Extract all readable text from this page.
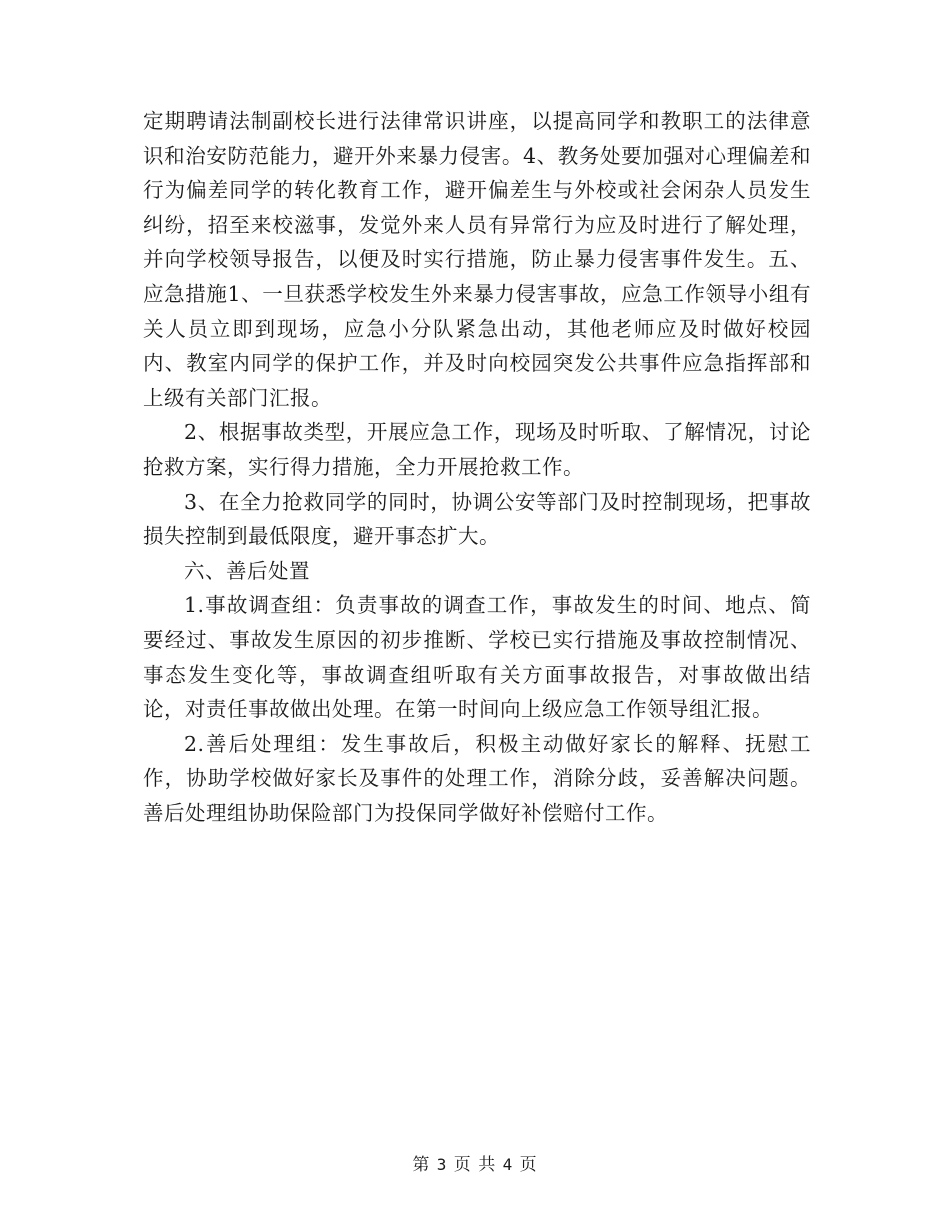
定期聘请法制副校长进行法律常识讲座，以提高同学和教职工的法律意识和治安防范能力，避开外来暴力侵害。4、教务处要加强对心理偏差和行为偏差同学的转化教育工作，避开偏差生与外校或社会闲杂人员发生纠纷，招至来校滋事，发觉外来人员有异常行为应及时进行了解处理，并向学校领导报告，以便及时实行措施，防止暴力侵害事件发生。五、应急措施1、一旦获悉学校发生外来暴力侵害事故，应急工作领导小组有关人员立即到现场，应急小分队紧急出动，其他老师应及时做好校园内、教室内同学的保护工作，并及时向校园突发公共事件应急指挥部和上级有关部门汇报。

2、根据事故类型，开展应急工作，现场及时听取、了解情况，讨论抢救方案，实行得力措施，全力开展抢救工作。

3、在全力抢救同学的同时，协调公安等部门及时控制现场，把事故损失控制到最低限度，避开事态扩大。

六、善后处置

1.事故调查组：负责事故的调查工作，事故发生的时间、地点、简要经过、事故发生原因的初步推断、学校已实行措施及事故控制情况、事态发生变化等，事故调查组听取有关方面事故报告，对事故做出结论，对责任事故做出处理。在第一时间向上级应急工作领导组汇报。

2.善后处理组：发生事故后，积极主动做好家长的解释、抚慰工作，协助学校做好家长及事件的处理工作，消除分歧，妥善解决问题。善后处理组协助保险部门为投保同学做好补偿赔付工作。

第 3 页 共 4 页
